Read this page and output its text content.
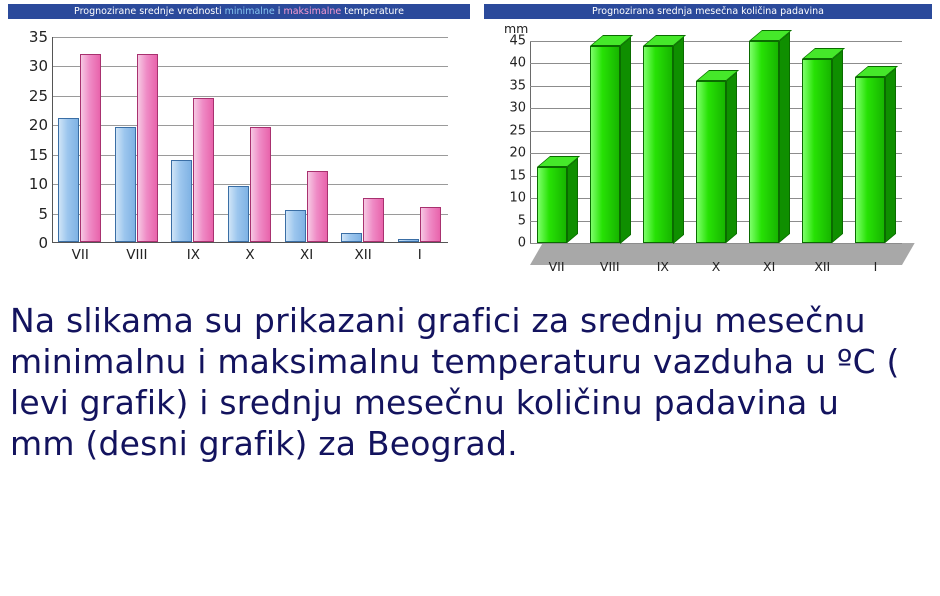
Prognozirane srednje vrednosti minimalne i maksimalne temperature
0
5
10
15
20
25
30
35
VII	VIII	IX	X	XI	XII	I
Prognozirana srednja mesečna količina padavina
mm
0
5
10
15
20
25
30
35
40
45
VII	VIII	IX	X	XI	XII	I
Na slikama su prikazani grafici za srednju mesečnu minimalnu i maksimalnu temperaturu vazduha u ºC ( levi grafik) i srednju mesečnu količinu padavina u mm (desni grafik) za Beograd.
